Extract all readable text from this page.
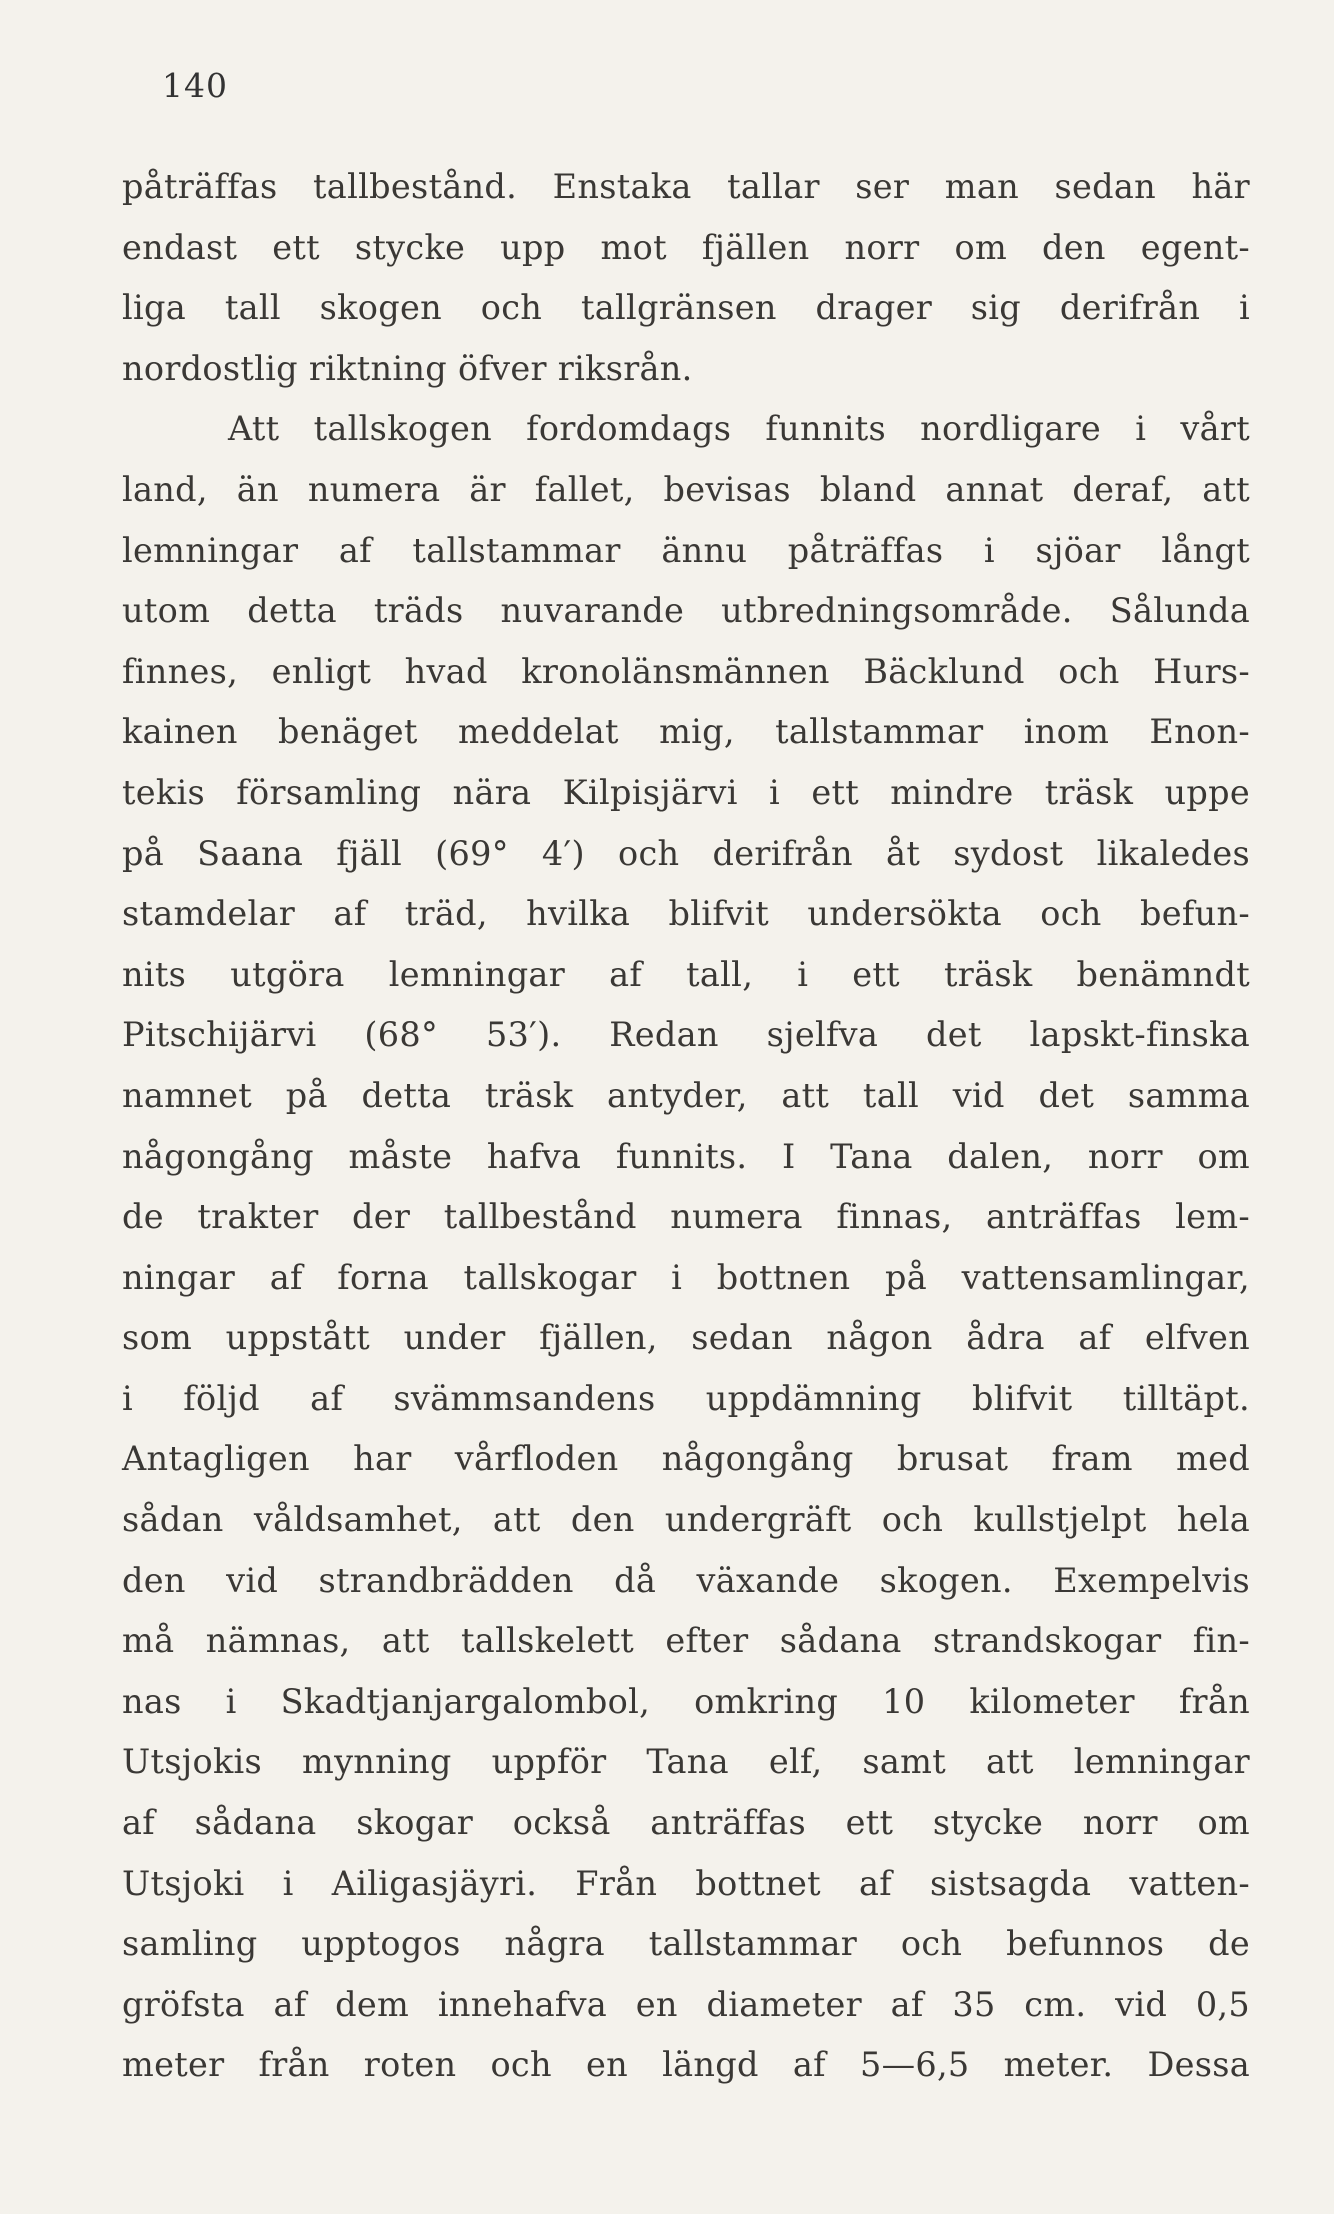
140
påträffas tallbestånd. Enstaka tallar ser man sedan här
endast ett stycke upp mot fjällen norr om den egent-
liga tall skogen och tallgränsen drager sig derifrån i
nordostlig riktning öfver riksrån.
Att tallskogen fordomdags funnits nordligare i vårt
land, än numera är fallet, bevisas bland annat deraf, att
lemningar af tallstammar ännu påträffas i sjöar långt
utom detta träds nuvarande utbredningsområde. Sålunda
finnes, enligt hvad kronolänsmännen Bäcklund och Hurs-
kainen benäget meddelat mig, tallstammar inom Enon-
tekis församling nära Kilpisjärvi i ett mindre träsk uppe
på Saana fjäll (69° 4′) och derifrån åt sydost likaledes
stamdelar af träd, hvilka blifvit undersökta och befun-
nits utgöra lemningar af tall, i ett träsk benämndt
Pitschijärvi (68° 53′). Redan sjelfva det lapskt-finska
namnet på detta träsk antyder, att tall vid det samma
någongång måste hafva funnits. I Tana dalen, norr om
de trakter der tallbestånd numera finnas, anträffas lem-
ningar af forna tallskogar i bottnen på vattensamlingar,
som uppstått under fjällen, sedan någon ådra af elfven
i följd af svämmsandens uppdämning blifvit tilltäpt.
Antagligen har vårfloden någongång brusat fram med
sådan våldsamhet, att den undergräft och kullstjelpt hela
den vid strandbrädden då växande skogen. Exempelvis
må nämnas, att tallskelett efter sådana strandskogar fin-
nas i Skadtjanjargalombol, omkring 10 kilometer från
Utsjokis mynning uppför Tana elf, samt att lemningar
af sådana skogar också anträffas ett stycke norr om
Utsjoki i Ailigasjäyri. Från bottnet af sistsagda vatten-
samling upptogos några tallstammar och befunnos de
gröfsta af dem innehafva en diameter af 35 cm. vid 0,5
meter från roten och en längd af 5—6,5 meter. Dessa
